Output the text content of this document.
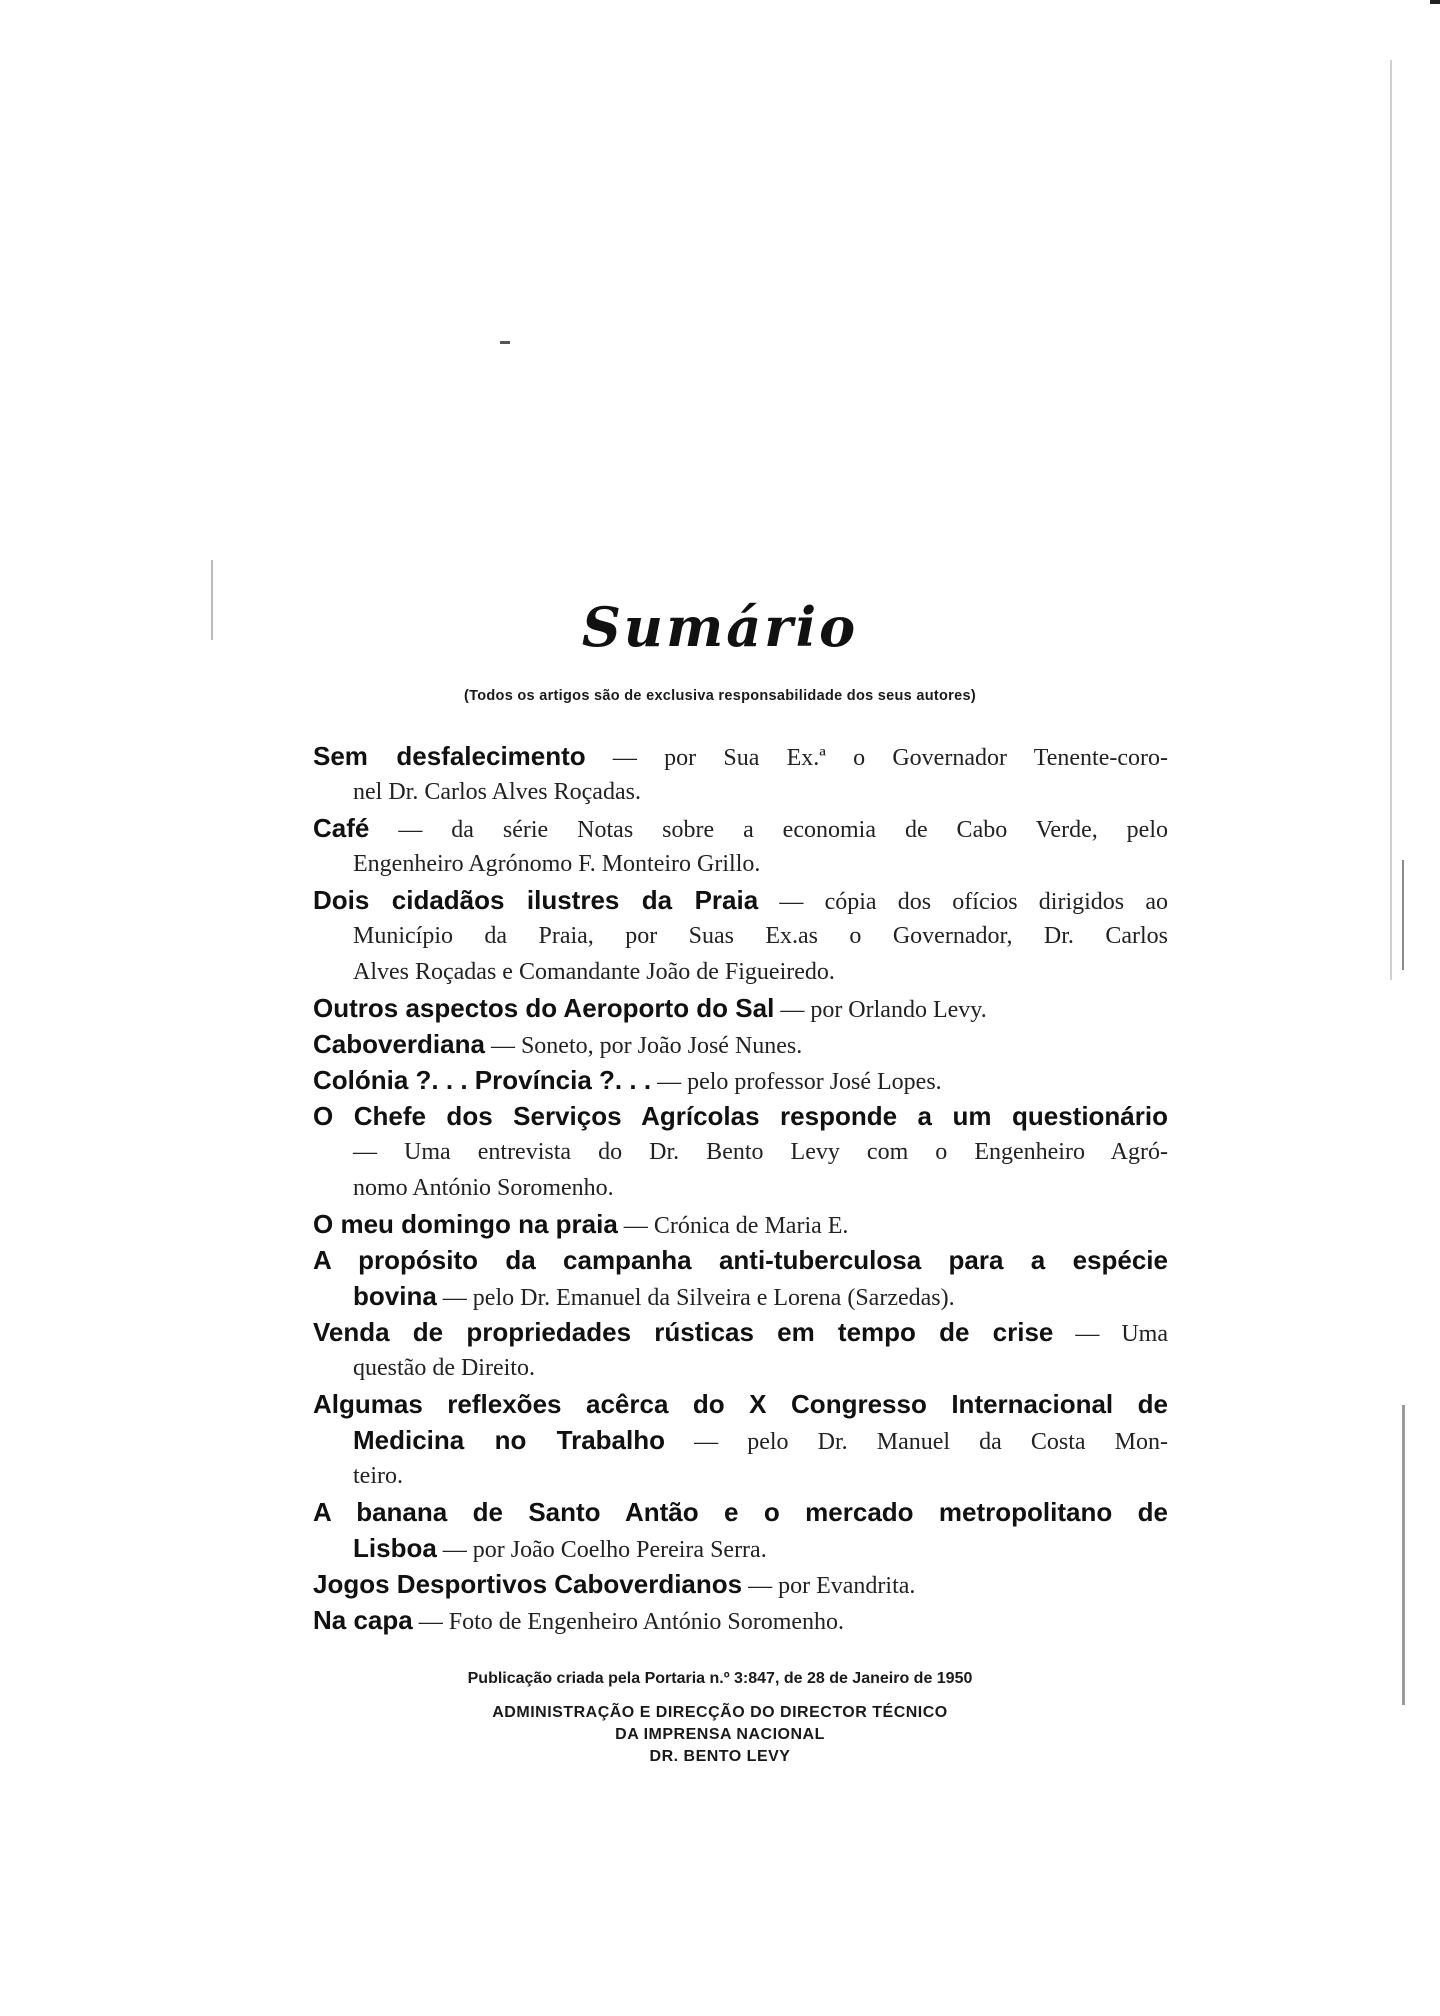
Sumário
(Todos os artigos são de exclusiva responsabilidade dos seus autores)
Sem desfalecimento — por Sua Ex.ª o Governador Tenente-coro-
nel Dr. Carlos Alves Roçadas.
Café — da série Notas sobre a economia de Cabo Verde, pelo
Engenheiro Agrónomo F. Monteiro Grillo.
Dois cidadãos ilustres da Praia — cópia dos ofícios dirigidos ao
Município da Praia, por Suas Ex.as o Governador, Dr. Carlos
Alves Roçadas e Comandante João de Figueiredo.
Outros aspectos do Aeroporto do Sal — por Orlando Levy.
Caboverdiana — Soneto, por João José Nunes.
Colónia ?. . . Província ?. . . — pelo professor José Lopes.
O Chefe dos Serviços Agrícolas responde a um questionário
— Uma entrevista do Dr. Bento Levy com o Engenheiro Agró-
nomo António Soromenho.
O meu domingo na praia — Crónica de Maria E.
A propósito da campanha anti-tuberculosa para a espécie
bovina — pelo Dr. Emanuel da Silveira e Lorena (Sarzedas).
Venda de propriedades rústicas em tempo de crise — Uma
questão de Direito.
Algumas reflexões acêrca do X Congresso Internacional de
Medicina no Trabalho — pelo Dr. Manuel da Costa Mon-
teiro.
A banana de Santo Antão e o mercado metropolitano de
Lisboa — por João Coelho Pereira Serra.
Jogos Desportivos Caboverdianos — por Evandrita.
Na capa — Foto de Engenheiro António Soromenho.
Publicação criada pela Portaria n.º 3:847, de 28 de Janeiro de 1950
ADMINISTRAÇÃO E DIRECÇÃO DO DIRECTOR TÉCNICO
DA IMPRENSA NACIONAL
DR. BENTO LEVY
